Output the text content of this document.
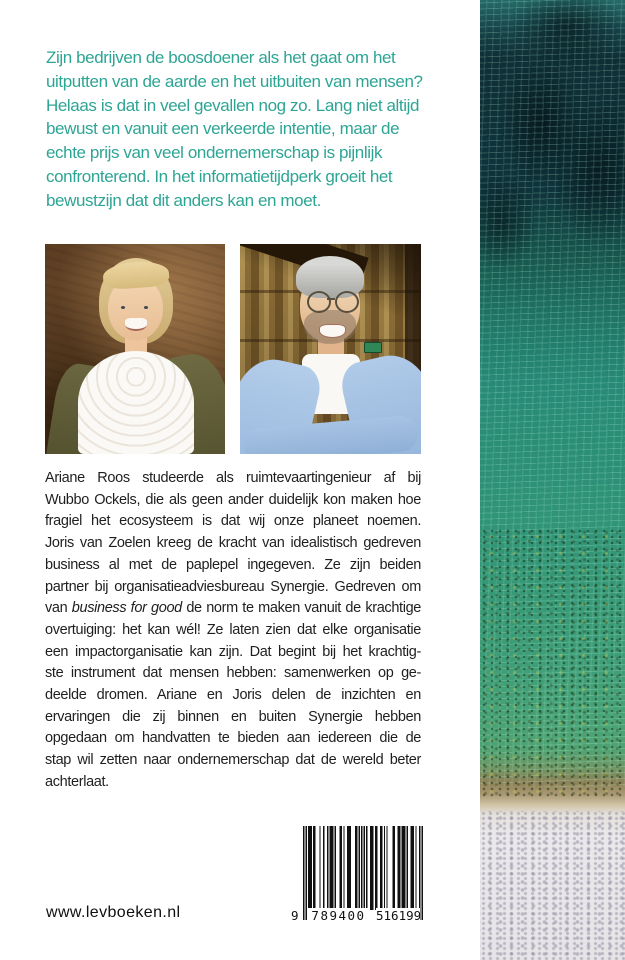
Zijn bedrijven de boosdoener als het gaat om het
uitputten van de aarde en het uitbuiten van mensen?
Helaas is dat in veel gevallen nog zo. Lang niet altijd
bewust en vanuit een verkeerde intentie, maar de
echte prijs van veel ondernemerschap is pijnlijk
confronterend. In het informatietijdperk groeit het
bewustzijn dat dit anders kan en moet.
Ariane Roos studeerde als ruimtevaartingenieur af bij
Wubbo Ockels, die als geen ander duidelijk kon maken hoe
fragiel het ecosysteem is dat wij onze planeet noemen.
Joris van Zoelen kreeg de kracht van idealistisch gedreven
business al met de paplepel ingegeven. Ze zijn beiden
partner bij organisatieadviesbureau Synergie. Gedreven om
van business for good de norm te maken vanuit de krachtige
overtuiging: het kan wél! Ze laten zien dat elke organisatie
een impactorganisatie kan zijn. Dat begint bij het krachtig-
ste instrument dat mensen hebben: samenwerken op ge-
deelde dromen. Ariane en Joris delen de inzichten en
ervaringen die zij binnen en buiten Synergie hebben
opgedaan om handvatten te bieden aan iedereen die de
stap wil zetten naar ondernemerschap dat de wereld beter
achterlaat.
www.levboeken.nl	9 789400 516199
